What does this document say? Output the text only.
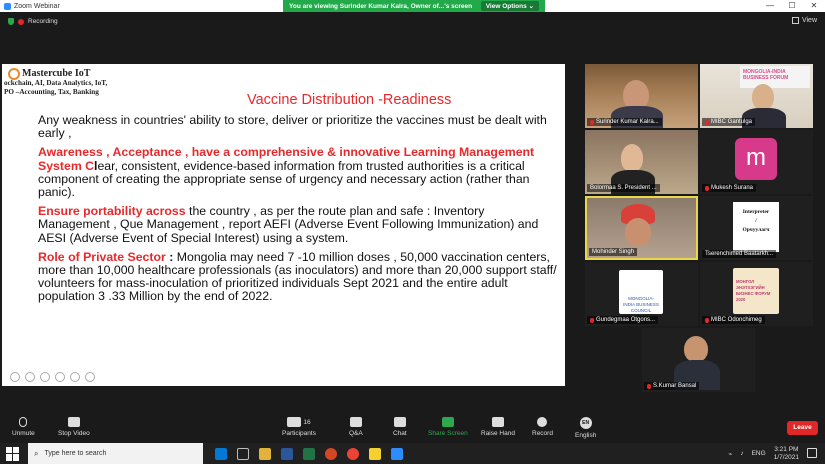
Zoom Webinar	—	☐	✕
You are viewing Surinder Kumar Kalra, Owner of...'s screen	View Options ⌄
Recording	View
Mastercube IoT
ockchain, AI, Data Analytics, IoT,
PO –Accounting, Tax, Banking	Vaccine Distribution -Readiness

Any weakness in countries' ability to store, deliver or prioritize the vaccines must be dealt with early ,

Awareness , Acceptance , have a comprehensive & innovative Learning Management System Clear, consistent, evidence-based information from trusted authorities is a critical component of creating the appropriate sense of urgency and necessary action (rather than panic).

Ensure portability across the country , as per the route plan and safe : Inventory Management , Que Management , report AEFI (Adverse Event Following Immunization) and AESI (Adverse Event of Special Interest) using a system.

Role of Private Sector : Mongolia may need 7 -10 million doses , 50,000 vaccination centers, more than 10,000 healthcare professionals (as inoculators) and more than 20,000 support staff/ volunteers for mass-inoculation of prioritized individuals Sept 2021 and the entire adult population 3 .33 Million by the end of 2022.

Surinder Kumar Kalra...
MONGOLIA-INDIA BUSINESS FORUM
MIBC Gantulga
Bolormaa S. President ...
m
Mukesh Surana
Mohinder Singh
Interpreter
/
Орчуулагч
Tserenchimed Baatarkh...
MONGOLIA-INDIA BUSINESS COUNCIL
Gundegmaa Otgons...
МОНГОЛ ЭНЭТХЭГИЙН БИЗНЕС ФОРУМ 2020
MIBC Odonchimeg
S.Kumar Bansal
Unmute	Stop Video
16
Participants	Q&A	Chat	Share Screen Raise Hand	Record
EN
English
Leave
⌕ Type here to search	⌁ ♪ ENG
3:21 PM
1/7/2021
